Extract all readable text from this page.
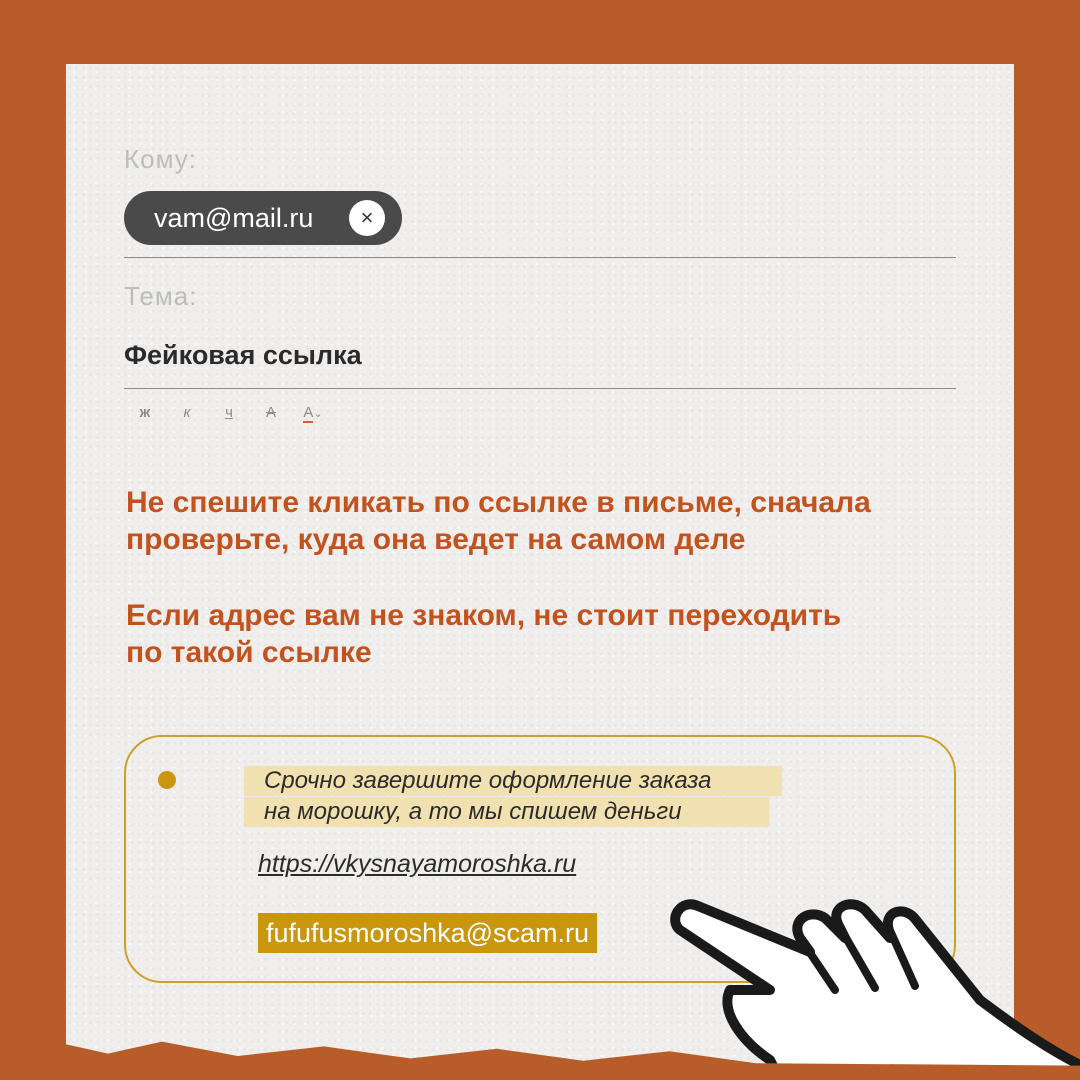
Кому:
vam@mail.ru	×
Тема:
Фейковая ссылка
ж	к	ч	А	А⌄
Не спешите кликать по ссылке в письме, сначала
проверьте, куда она ведет на самом деле
Если адрес вам не знаком, не стоит переходить
по такой ссылке
Срочно завершите оформление заказа
на морошку, а то мы спишем деньги
https://vkysnayamoroshka.ru
fufufusmoroshka@scam.ru
